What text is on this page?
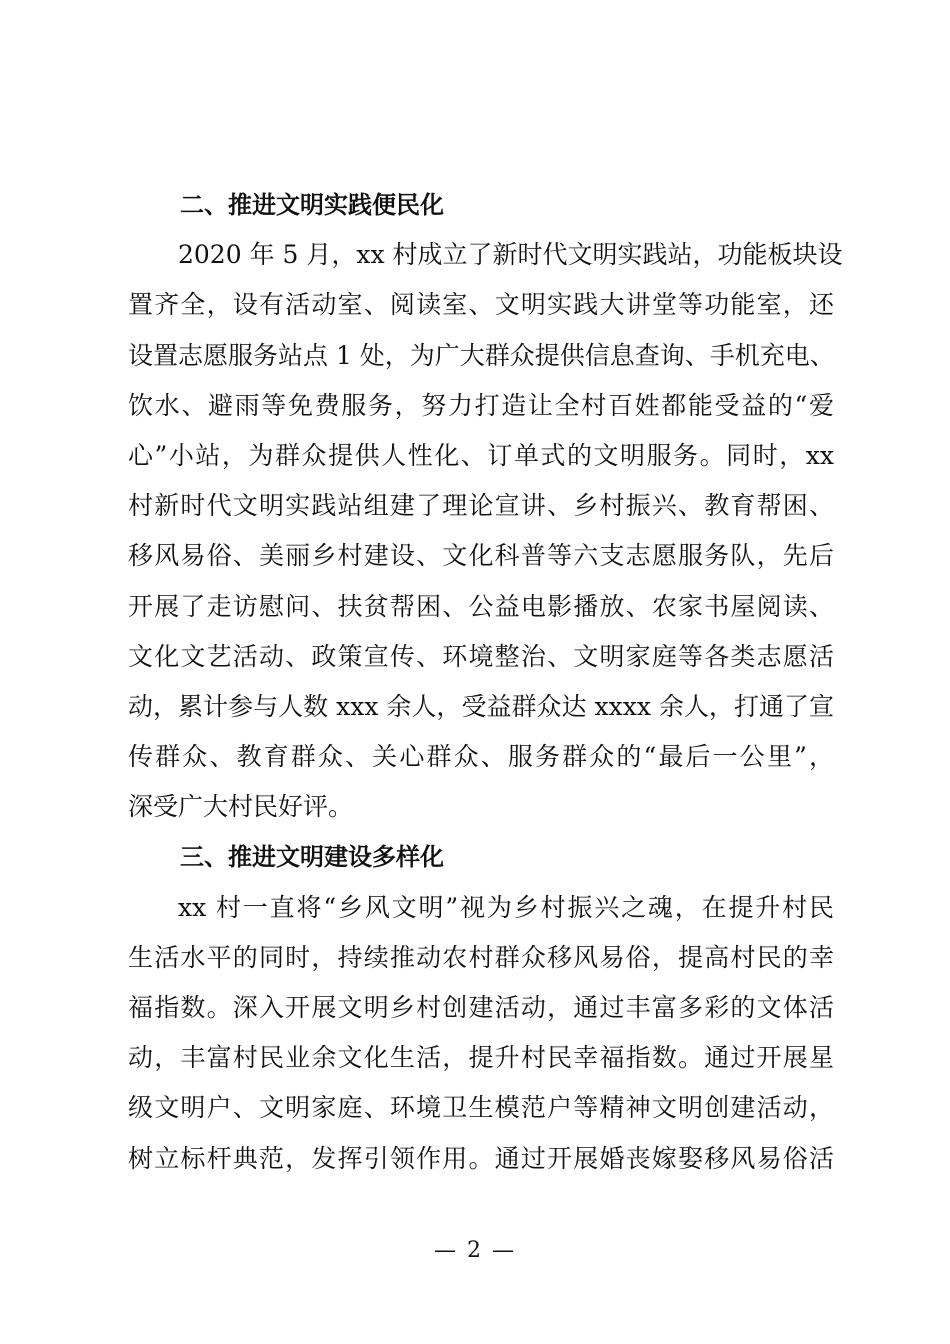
二、推进文明实践便民化
2020 年 5 月，xx 村成立了新时代文明实践站，功能板块设
置齐全，设有活动室、阅读室、文明实践大讲堂等功能室，还
设置志愿服务站点 1 处，为广大群众提供信息查询、手机充电、
饮水、避雨等免费服务，努力打造让全村百姓都能受益的“爱
心”小站，为群众提供人性化、订单式的文明服务。同时，xx
村新时代文明实践站组建了理论宣讲、乡村振兴、教育帮困、
移风易俗、美丽乡村建设、文化科普等六支志愿服务队，先后
开展了走访慰问、扶贫帮困、公益电影播放、农家书屋阅读、
文化文艺活动、政策宣传、环境整治、文明家庭等各类志愿活
动，累计参与人数 xxx 余人，受益群众达 xxxx 余人，打通了宣
传群众、教育群众、关心群众、服务群众的“最后一公里”，
深受广大村民好评。
三、推进文明建设多样化
xx 村一直将“乡风文明”视为乡村振兴之魂，在提升村民
生活水平的同时，持续推动农村群众移风易俗，提高村民的幸
福指数。深入开展文明乡村创建活动，通过丰富多彩的文体活
动，丰富村民业余文化生活，提升村民幸福指数。通过开展星
级文明户、文明家庭、环境卫生模范户等精神文明创建活动，
树立标杆典范，发挥引领作用。通过开展婚丧嫁娶移风易俗活
— 2 —
